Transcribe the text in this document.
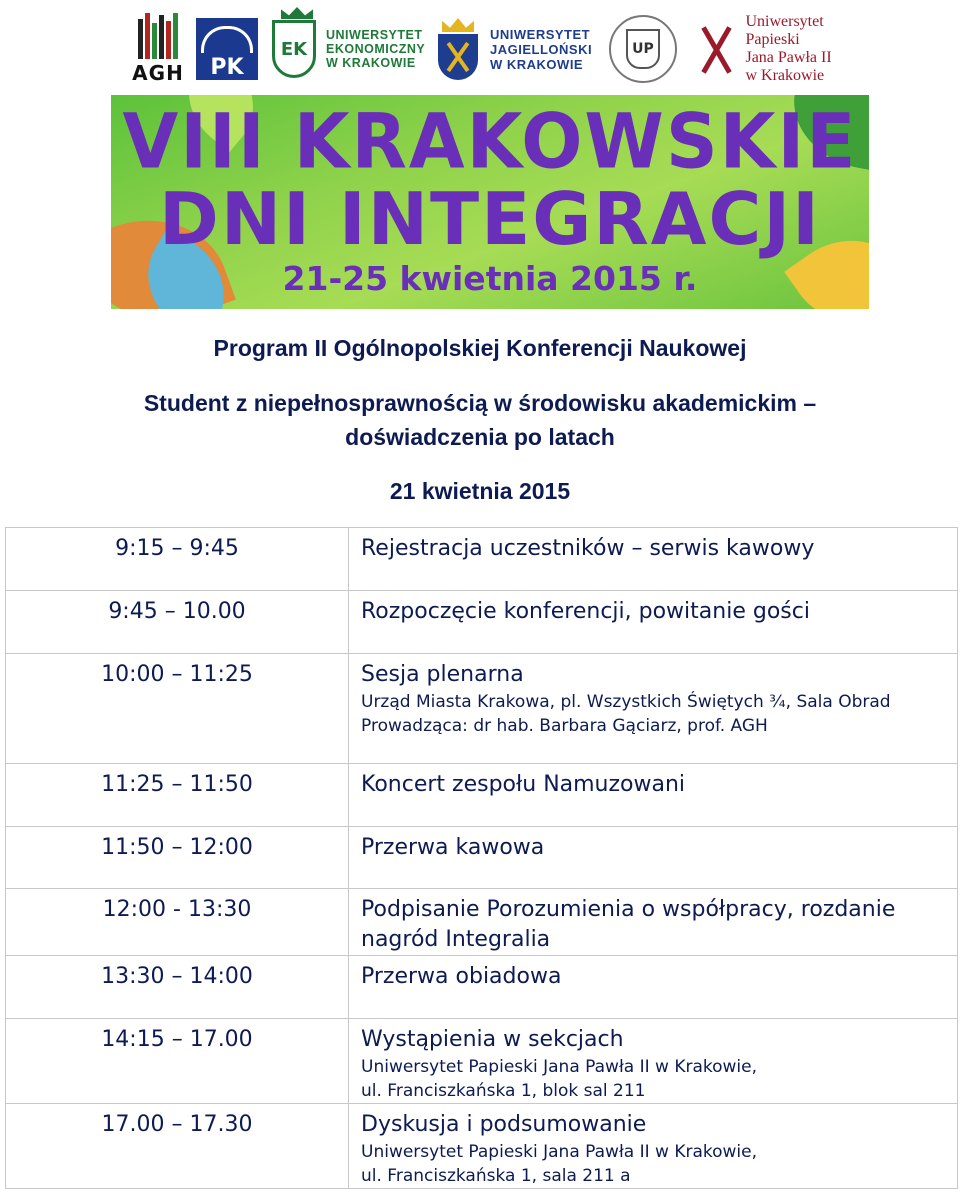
AGH PK
EK
UNIWERSYTET
EKONOMICZNY
W KRAKOWIE
UNIWERSYTET
JAGIELLOŃSKI
W KRAKOWIE
UP
Uniwersytet Papieski
Jana Pawła II
w Krakowie
VIII KRAKOWSKIE
DNI INTEGRACJI
21-25 kwietnia 2015 r.
Program II Ogólnopolskiej Konferencji Naukowej
Student z niepełnosprawnością w środowisku akademickim –
doświadczenia po latach
21 kwietnia 2015
9:15 – 9:45	Rejestracja uczestników – serwis kawowy

9:45 – 10.00	Rozpoczęcie konferencji, powitanie gości

10:00 – 11:25	Sesja plenarna
Urząd Miasta Krakowa, pl. Wszystkich Świętych ¾, Sala Obrad
Prowadząca: dr hab. Barbara Gąciarz, prof. AGH

11:25 – 11:50	Koncert zespołu Namuzowani

11:50 – 12:00	Przerwa kawowa

12:00 - 13:30	Podpisanie Porozumienia o współpracy, rozdanie nagród Integralia

13:30 – 14:00	Przerwa obiadowa

14:15 – 17.00	Wystąpienia w sekcjach
Uniwersytet Papieski Jana Pawła II w Krakowie,
ul. Franciszkańska 1, blok sal 211

17.00 – 17.30	Dyskusja i podsumowanie
Uniwersytet Papieski Jana Pawła II w Krakowie,
ul. Franciszkańska 1, sala 211 a
